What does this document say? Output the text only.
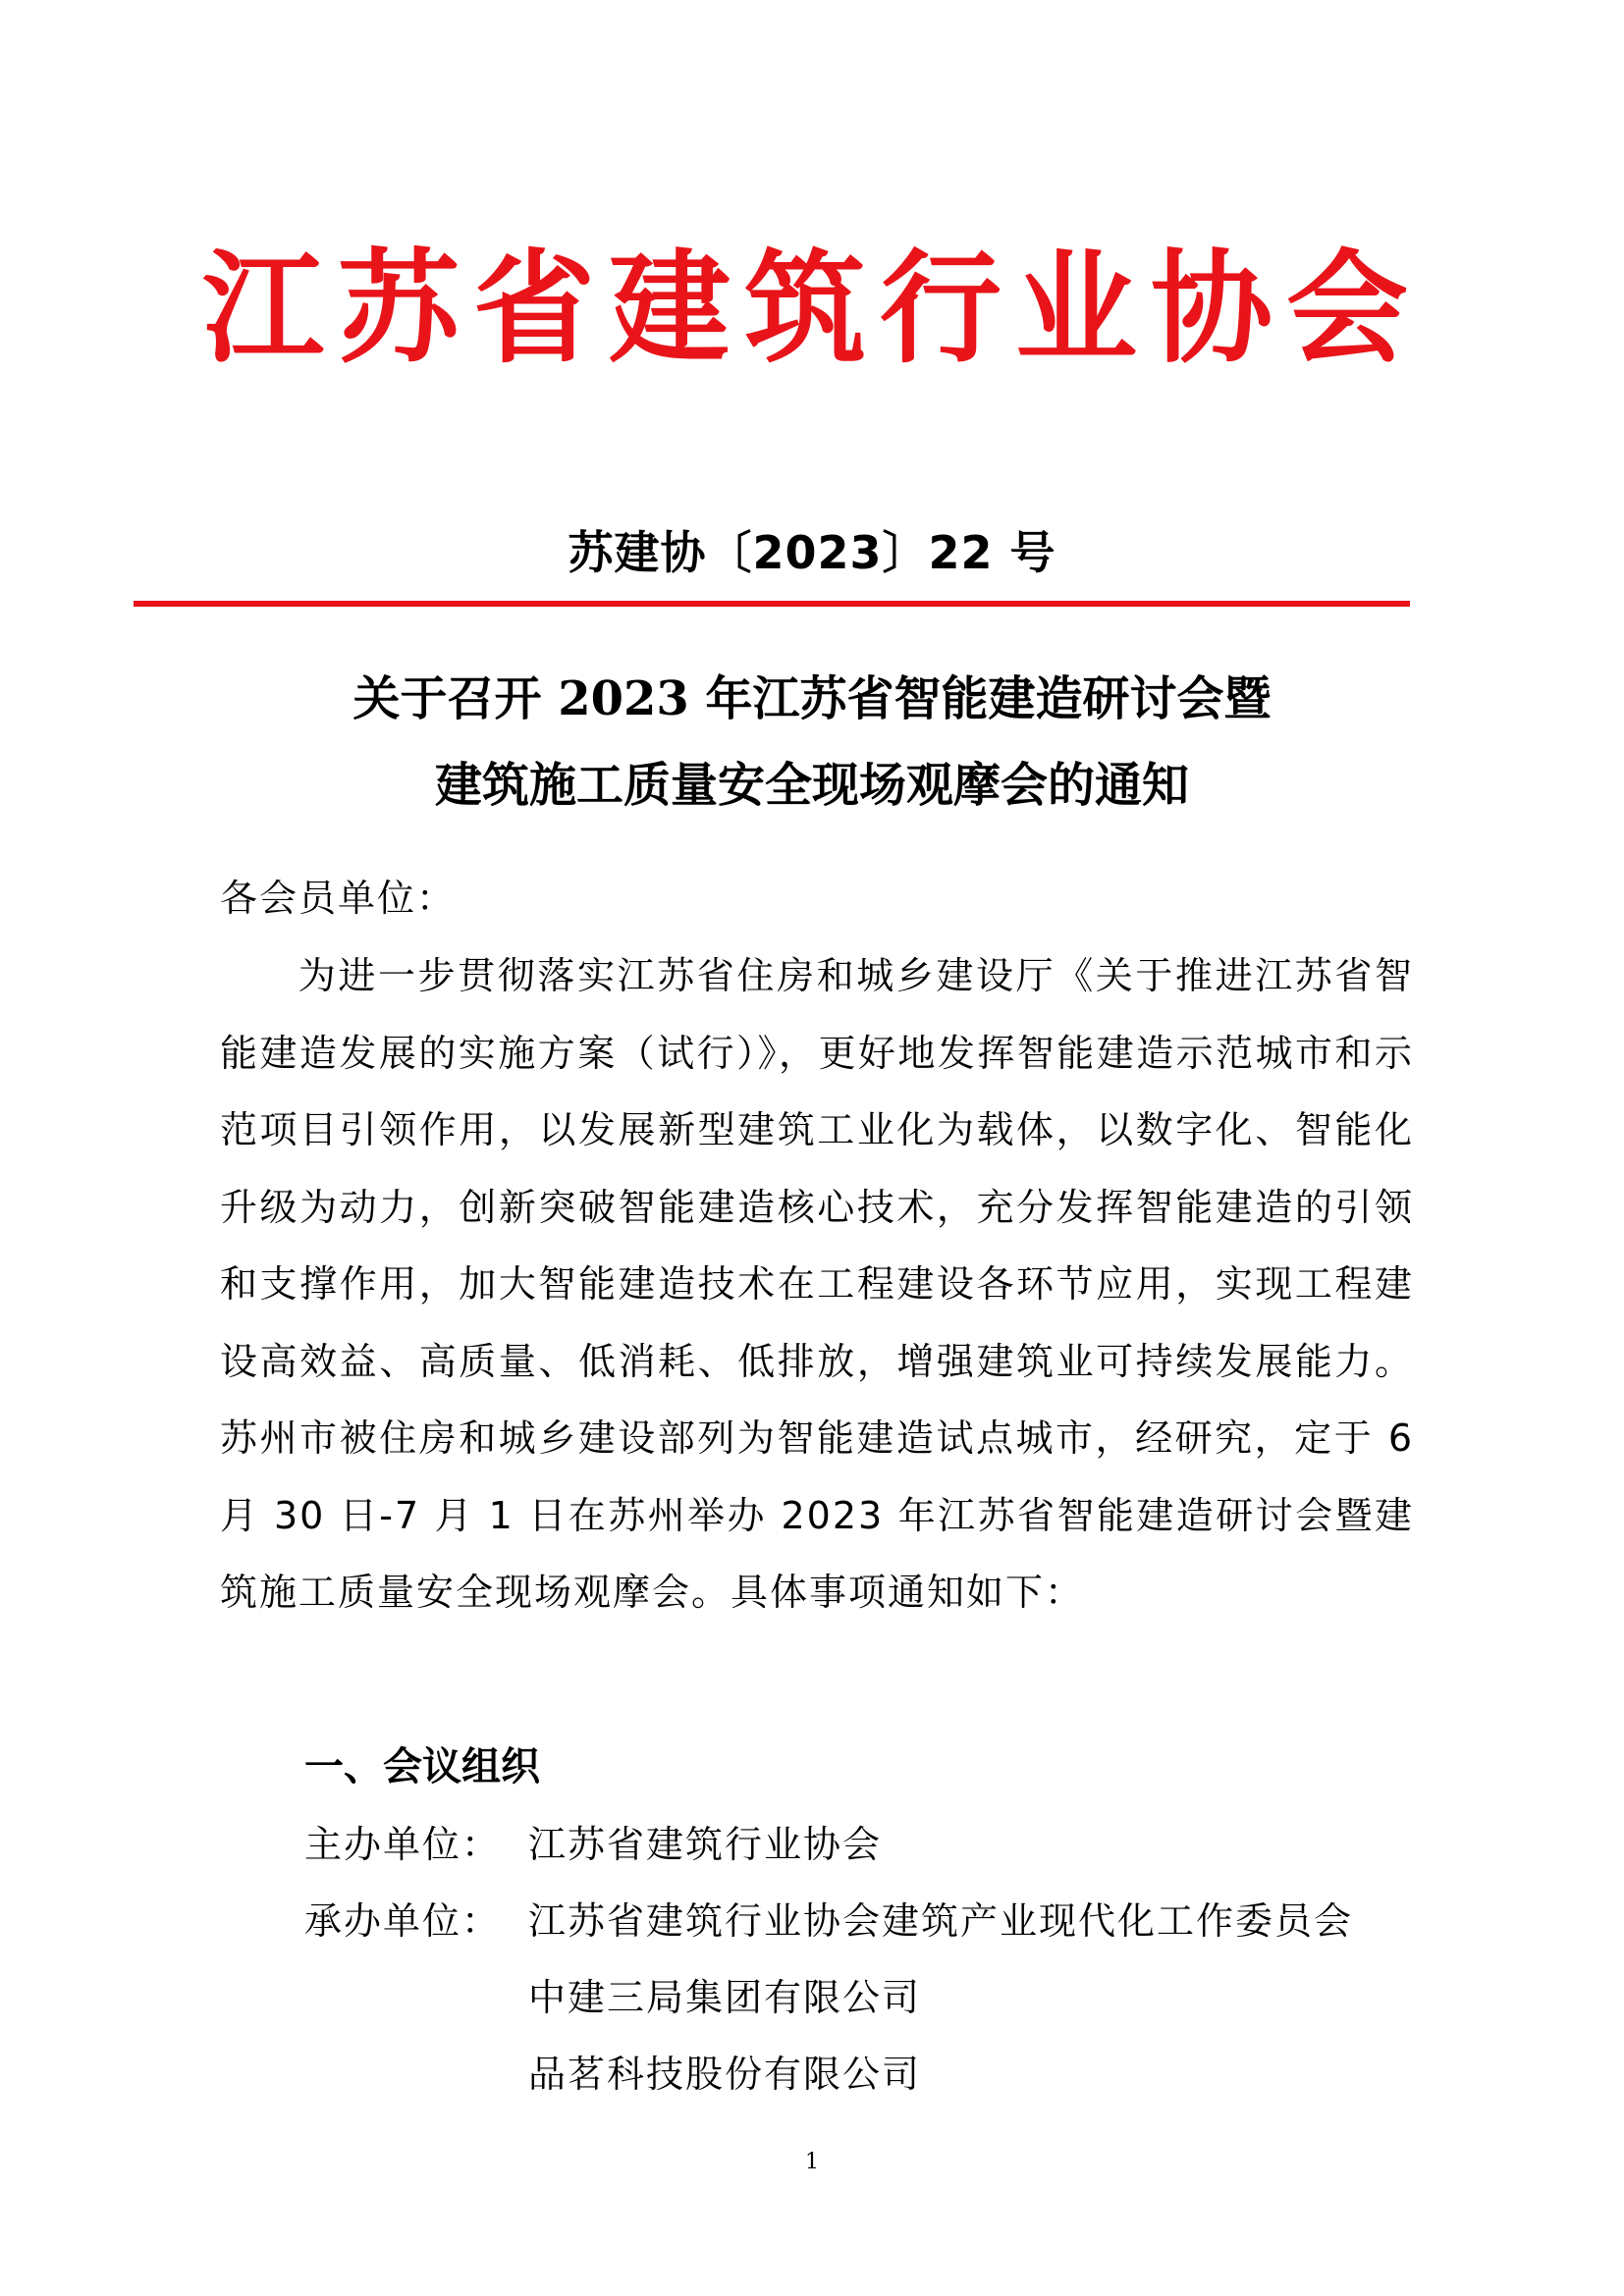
江苏省建筑行业协会
苏建协〔2023〕22 号
关于召开 2023 年江苏省智能建造研讨会暨
建筑施工质量安全现场观摩会的通知
各会员单位：
为进一步贯彻落实江苏省住房和城乡建设厅《关于推进江苏省智能建造发展的实施方案（试行）》，更好地发挥智能建造示范城市和示范项目引领作用，以发展新型建筑工业化为载体，以数字化、智能化升级为动力，创新突破智能建造核心技术，充分发挥智能建造的引领和支撑作用，加大智能建造技术在工程建设各环节应用，实现工程建设高效益、高质量、低消耗、低排放，增强建筑业可持续发展能力。苏州市被住房和城乡建设部列为智能建造试点城市，经研究，定于 6 月 30 日-7 月 1 日在苏州举办 2023 年江苏省智能建造研讨会暨建筑施工质量安全现场观摩会。具体事项通知如下：
一、会议组织
主办单位： 江苏省建筑行业协会
承办单位： 江苏省建筑行业协会建筑产业现代化工作委员会
中建三局集团有限公司
品茗科技股份有限公司
1
